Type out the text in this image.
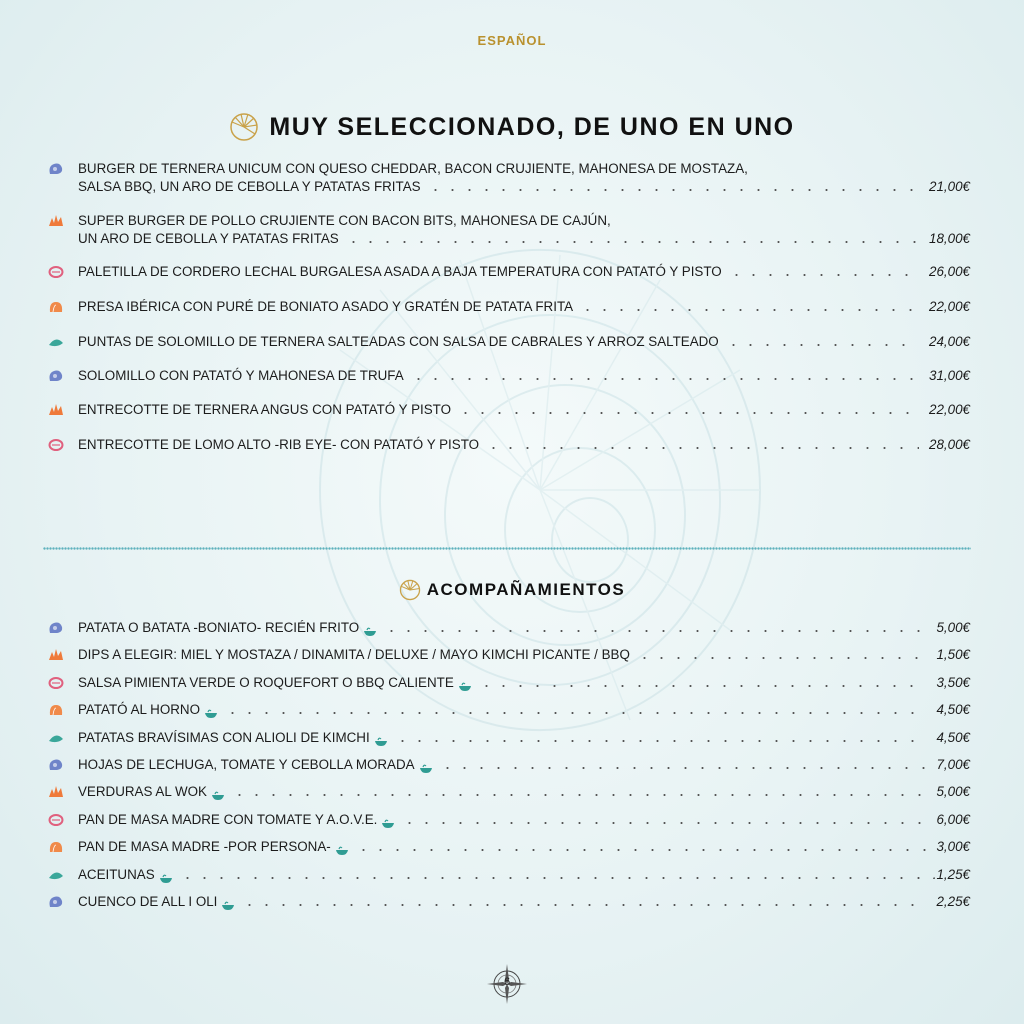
ESPAÑOL
MUY SELECCIONADO, DE UNO EN UNO
BURGER DE TERNERA UNICUM CON QUESO CHEDDAR, BACON CRUJIENTE, MAHONESA DE MOSTAZA,
SALSA BBQ, UN ARO DE CEBOLLA Y PATATAS FRITAS	21,00€
SUPER BURGER DE POLLO CRUJIENTE CON BACON BITS, MAHONESA DE CAJÚN,
UN ARO DE CEBOLLA Y PATATAS FRITAS	18,00€
PALETILLA DE CORDERO LECHAL BURGALESA ASADA A BAJA TEMPERATURA CON PATATÓ Y PISTO	26,00€
PRESA IBÉRICA CON PURÉ DE BONIATO ASADO Y GRATÉN DE PATATA FRITA	22,00€
PUNTAS DE SOLOMILLO DE TERNERA SALTEADAS CON SALSA DE CABRALES Y ARROZ SALTEADO	24,00€
SOLOMILLO CON PATATÓ Y MAHONESA DE TRUFA	31,00€
ENTRECOTTE DE TERNERA ANGUS CON PATATÓ Y PISTO	22,00€
ENTRECOTTE DE LOMO ALTO -RIB EYE- CON PATATÓ Y PISTO	28,00€
ACOMPAÑAMIENTOS
PATATA O BATATA -BONIATO- RECIÉN FRITO	5,00€
DIPS A ELEGIR: MIEL Y MOSTAZA / DINAMITA / DELUXE / MAYO KIMCHI PICANTE / BBQ	1,50€
SALSA PIMIENTA VERDE O ROQUEFORT O BBQ CALIENTE	3,50€
PATATÓ AL HORNO	4,50€
PATATAS BRAVÍSIMAS CON ALIOLI DE KIMCHI	4,50€
HOJAS DE LECHUGA, TOMATE Y CEBOLLA MORADA	7,00€
VERDURAS AL WOK	5,00€
PAN DE MASA MADRE CON TOMATE Y A.O.V.E.	6,00€
PAN DE MASA MADRE -POR PERSONA-	3,00€
ACEITUNAS	.1,25€
CUENCO DE ALL I OLI	2,25€
6
